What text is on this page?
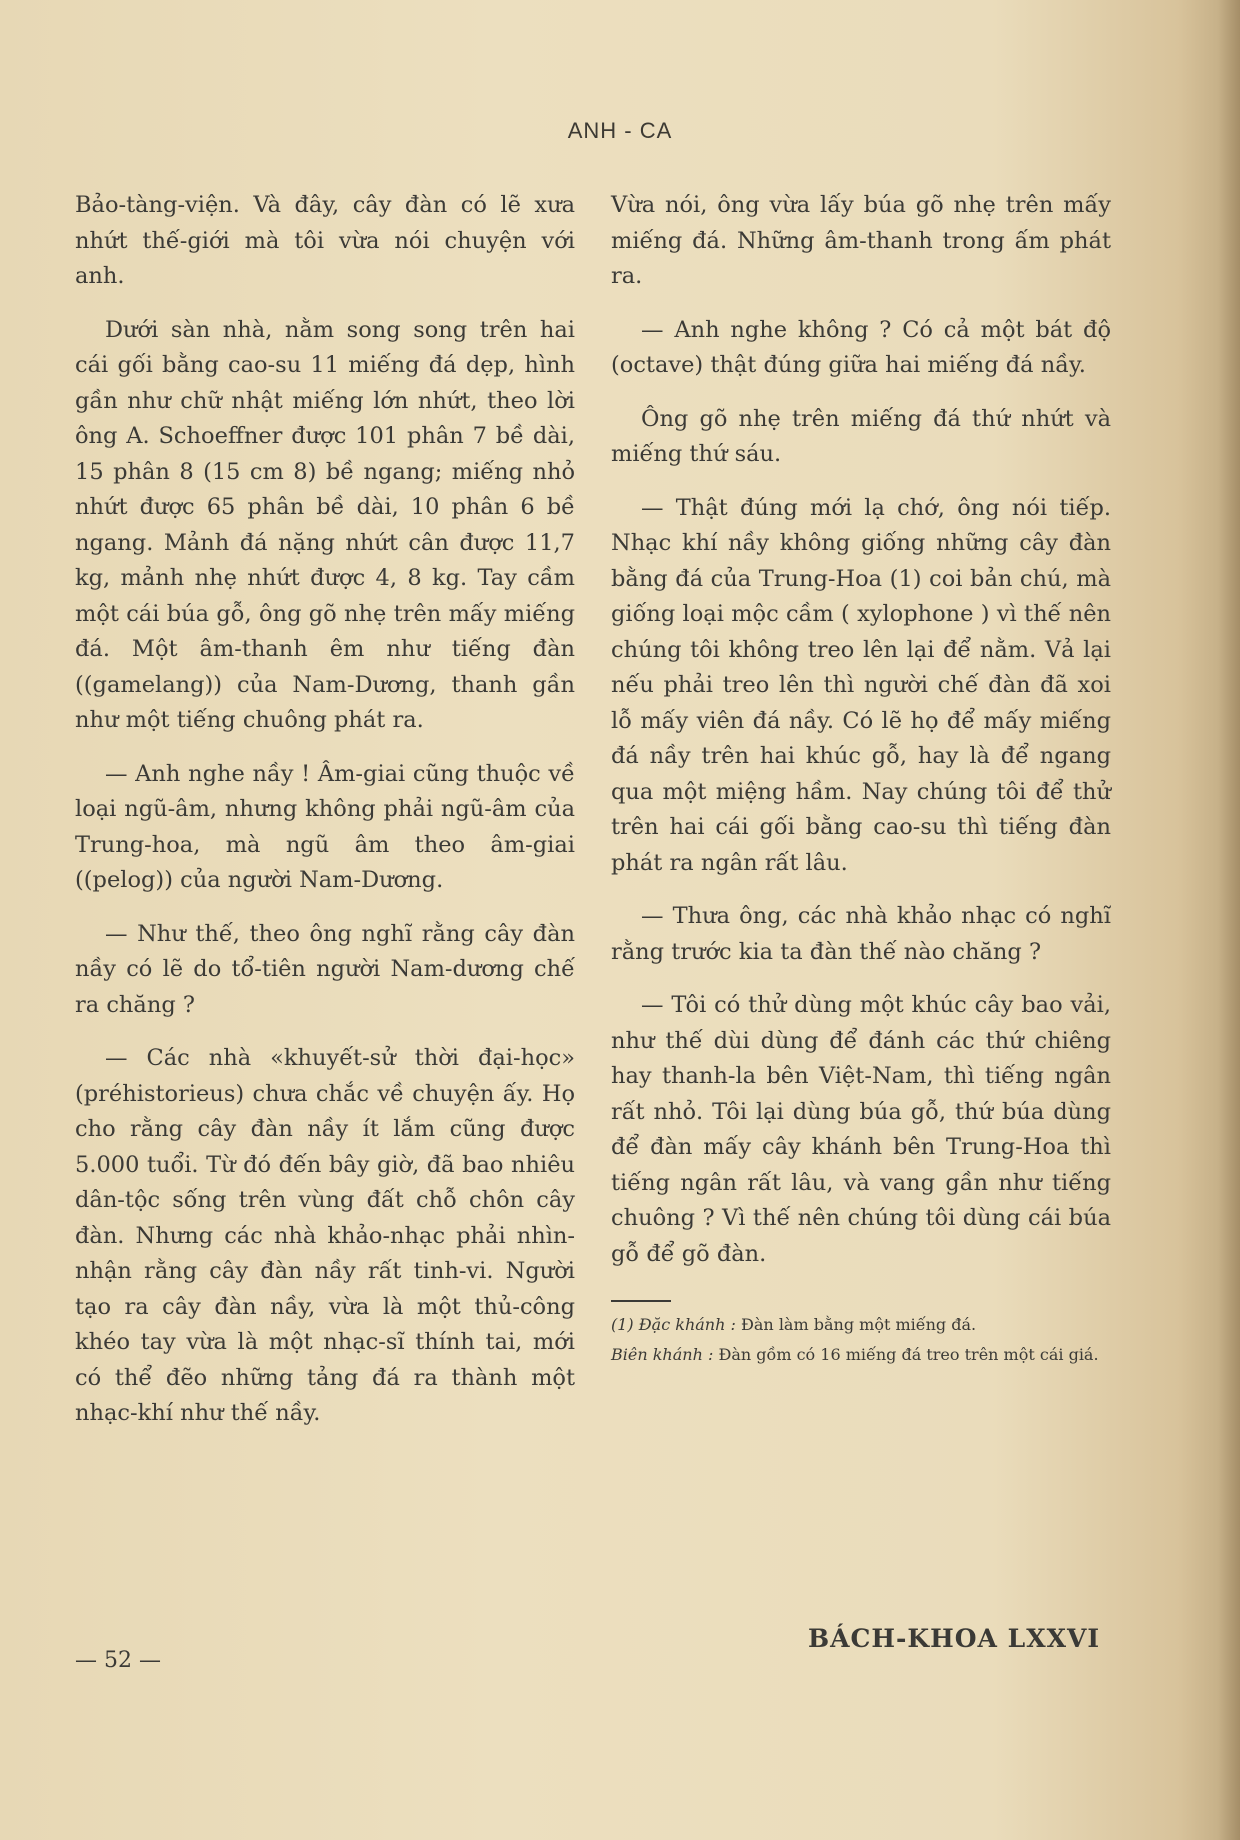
ANH - CA

Bảo-tàng-viện. Và đây, cây đàn có lẽ xưa nhứt thế-giới mà tôi vừa nói chuyện với anh.

Dưới sàn nhà, nằm song song trên hai cái gối bằng cao-su 11 miếng đá dẹp, hình gần như chữ nhật miếng lớn nhứt, theo lời ông A. Schoeffner được 101 phân 7 bề dài, 15 phân 8 (15 cm 8) bề ngang; miếng nhỏ nhứt được 65 phân bề dài, 10 phân 6 bề ngang. Mảnh đá nặng nhứt cân được 11,7 kg, mảnh nhẹ nhứt được 4, 8 kg. Tay cầm một cái búa gỗ, ông gõ nhẹ trên mấy miếng đá. Một âm-thanh êm như tiếng đàn ((gamelang)) của Nam-Dương, thanh gần như một tiếng chuông phát ra.

— Anh nghe nầy ! Âm-giai cũng thuộc về loại ngũ-âm, nhưng không phải ngũ-âm của Trung-hoa, mà ngũ âm theo âm-giai ((pelog)) của người Nam-Dương.

— Như thế, theo ông nghĩ rằng cây đàn nầy có lẽ do tổ-tiên người Nam-dương chế ra chăng ?

— Các nhà «khuyết-sử thời đại-học» (préhistorieus) chưa chắc về chuyện ấy. Họ cho rằng cây đàn nầy ít lắm cũng được 5.000 tuổi. Từ đó đến bây giờ, đã bao nhiêu dân-tộc sống trên vùng đất chỗ chôn cây đàn. Nhưng các nhà khảo-nhạc phải nhìn-nhận rằng cây đàn nầy rất tinh-vi. Người tạo ra cây đàn nầy, vừa là một thủ-công khéo tay vừa là một nhạc-sĩ thính tai, mới có thể đẽo những tảng đá ra thành một nhạc-khí như thế nầy.

Vừa nói, ông vừa lấy búa gõ nhẹ trên mấy miếng đá. Những âm-thanh trong ấm phát ra.

— Anh nghe không ? Có cả một bát độ (octave) thật đúng giữa hai miếng đá nầy.

Ông gõ nhẹ trên miếng đá thứ nhứt và miếng thứ sáu.

— Thật đúng mới lạ chớ, ông nói tiếp. Nhạc khí nầy không giống những cây đàn bằng đá của Trung-Hoa (1) coi bản chú, mà giống loại mộc cầm ( xylophone ) vì thế nên chúng tôi không treo lên lại để nằm. Vả lại nếu phải treo lên thì người chế đàn đã xoi lỗ mấy viên đá nầy. Có lẽ họ để mấy miếng đá nầy trên hai khúc gỗ, hay là để ngang qua một miệng hầm. Nay chúng tôi để thử trên hai cái gối bằng cao-su thì tiếng đàn phát ra ngân rất lâu.

— Thưa ông, các nhà khảo nhạc có nghĩ rằng trước kia ta đàn thế nào chăng ?

— Tôi có thử dùng một khúc cây bao vải, như thế dùi dùng để đánh các thứ chiêng hay thanh-la bên Việt-Nam, thì tiếng ngân rất nhỏ. Tôi lại dùng búa gỗ, thứ búa dùng để đàn mấy cây khánh bên Trung-Hoa thì tiếng ngân rất lâu, và vang gần như tiếng chuông ? Vì thế nên chúng tôi dùng cái búa gỗ để gõ đàn.

(1) Đặc khánh : Đàn làm bằng một miếng đá.
Biên khánh : Đàn gồm có 16 miếng đá treo trên một cái giá.
— 52 —
BÁCH-KHOA LXXVI
